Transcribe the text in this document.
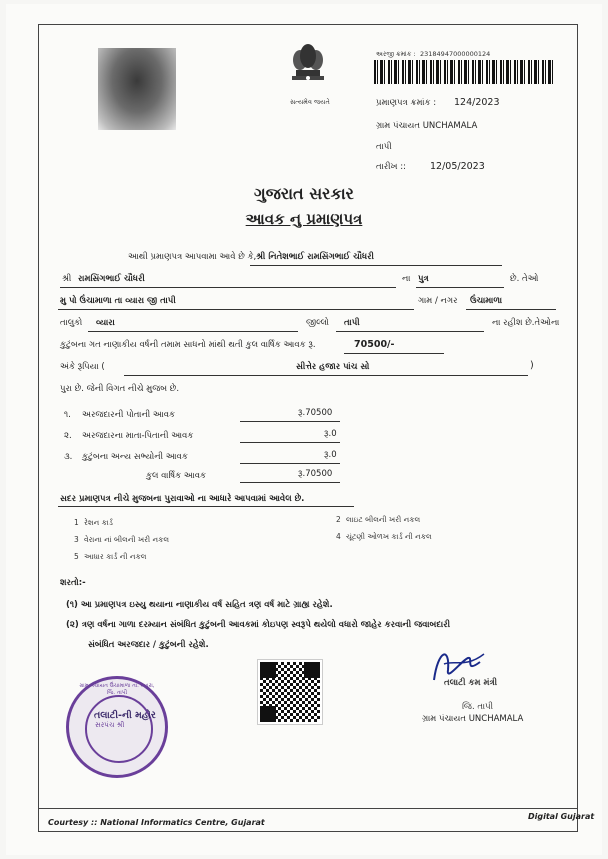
સત્યમેવ જયતે
અરજી ક્રમાંક : 23184947000000124
પ્રમાણપત્ર ક્રમાંક : 124/2023
ગ્રામ પંચાયત UNCHAMALA
તાપી
તારીખ ::	12/05/2023
ગુજરાત સરકાર
આવક નુ પ્રમાણપત્ર
આથી પ્રમાણપત્ર આપવામા આવે છે કે, શ્રી નિતેશભાઈ રામસિંગભાઈ ચૌધરી
શ્રી રામસિંગભાઈ ચૌધરી	ના પુત્ર	છે. તેઓ
મુ પો ઉંચામાળા તા વ્યારા જી તાપી	ગામ / નગર ઉંચામાળા
તાલુકો વ્યારા	જીલ્લો તાપી	ના રહીશ છે.તેઓના
કુટુંબના ગત નાણાકીય વર્ષની તમામ સાધનો માંથી થતી કુલ વાર્ષિક આવક રૂ.	70500/-
અંકે રૂપિયા (	સીત્તેર હજાર પાંચ સો	)
પુરા છે. જેની વિગત નીચે મુજબ છે.
૧. અરજદારની પોતાની આવક	રૂ.70500
૨. અરજદારના માતા-પિતાની આવક	રૂ.0
૩. કુટુંબના અન્ય સભ્યોની આવક	રૂ.0
કુલ વાર્ષિક આવક	રૂ.70500
સદર પ્રમાણપત્ર નીચે મુજબના પુરાવાઓ ના આધારે આપવામાં આવેલ છે.
1 રેશન કાર્ડ	2 લાઇટ બીલની ખરી નકલ
3 વેરાના નાં બીલની ખરી નકલ	4 ચૂંટણી ઓળખ કાર્ડ ની નકલ
5 આધાર કાર્ડ ની નકલ
શરતો:-
(૧) આ પ્રમાણપત્ર ઇસ્યુ થયાના નાણાકીય વર્ષ સહિત ત્રણ વર્ષ માટે ગ્રાહ્ય રહેશે.
(૨) ત્રણ વર્ષના ગાળા દરમ્યાન સંબંધિત કુટુંબની આવકમાં કોઇપણ સ્વરૂપે થયેલો વધારો જાહેર કરવાની જવાબદારી
સંબંધિત અરજદાર / કુટુંબની રહેશે.
ગ્રામ પંચાયત ઉંચામાળા તા. વ્યારા, જિ. તાપી
સરપંચ શ્રી
તલાટી-ની મહોર
તલાટી કમ મંત્રી
જિ. તાપી
ગ્રામ પંચાયત UNCHAMALA
Courtesy :: National Informatics Centre, Gujarat
Digital Gujarat
